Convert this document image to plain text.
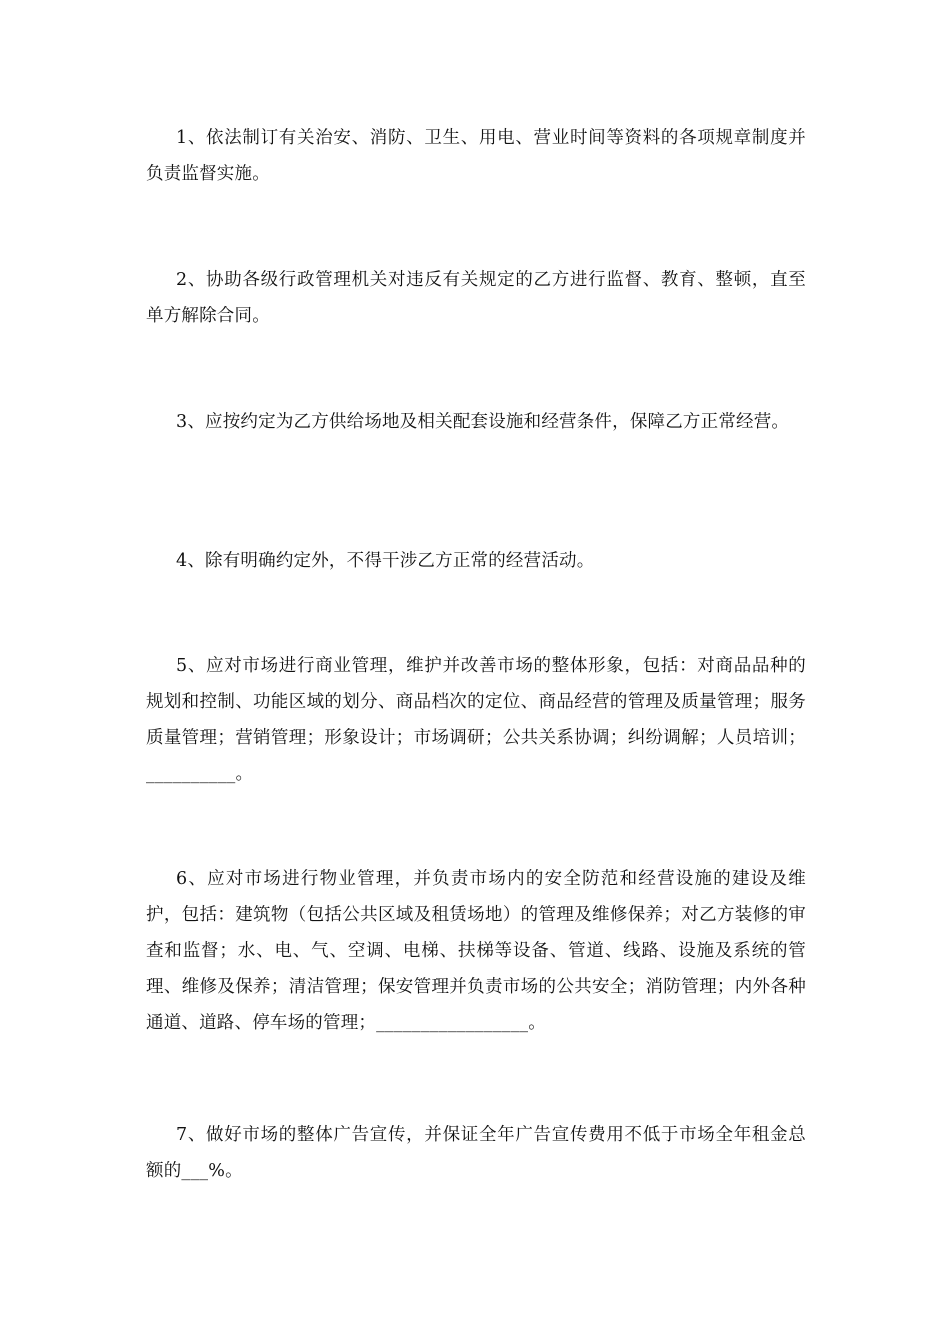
1、依法制订有关治安、消防、卫生、用电、营业时间等资料的各项规章制度并负责监督实施。

2、协助各级行政管理机关对违反有关规定的乙方进行监督、教育、整顿，直至单方解除合同。

3、应按约定为乙方供给场地及相关配套设施和经营条件，保障乙方正常经营。

4、除有明确约定外，不得干涉乙方正常的经营活动。

5、应对市场进行商业管理，维护并改善市场的整体形象，包括：对商品品种的规划和控制、功能区域的划分、商品档次的定位、商品经营的管理及质量管理；服务质量管理；营销管理；形象设计；市场调研；公共关系协调；纠纷调解；人员培训；__________。

6、应对市场进行物业管理，并负责市场内的安全防范和经营设施的建设及维护，包括：建筑物（包括公共区域及租赁场地）的管理及维修保养；对乙方装修的审查和监督；水、电、气、空调、电梯、扶梯等设备、管道、线路、设施及系统的管理、维修及保养；清洁管理；保安管理并负责市场的公共安全；消防管理；内外各种通道、道路、停车场的管理；_________________。

7、做好市场的整体广告宣传，并保证全年广告宣传费用不低于市场全年租金总额的___%。
